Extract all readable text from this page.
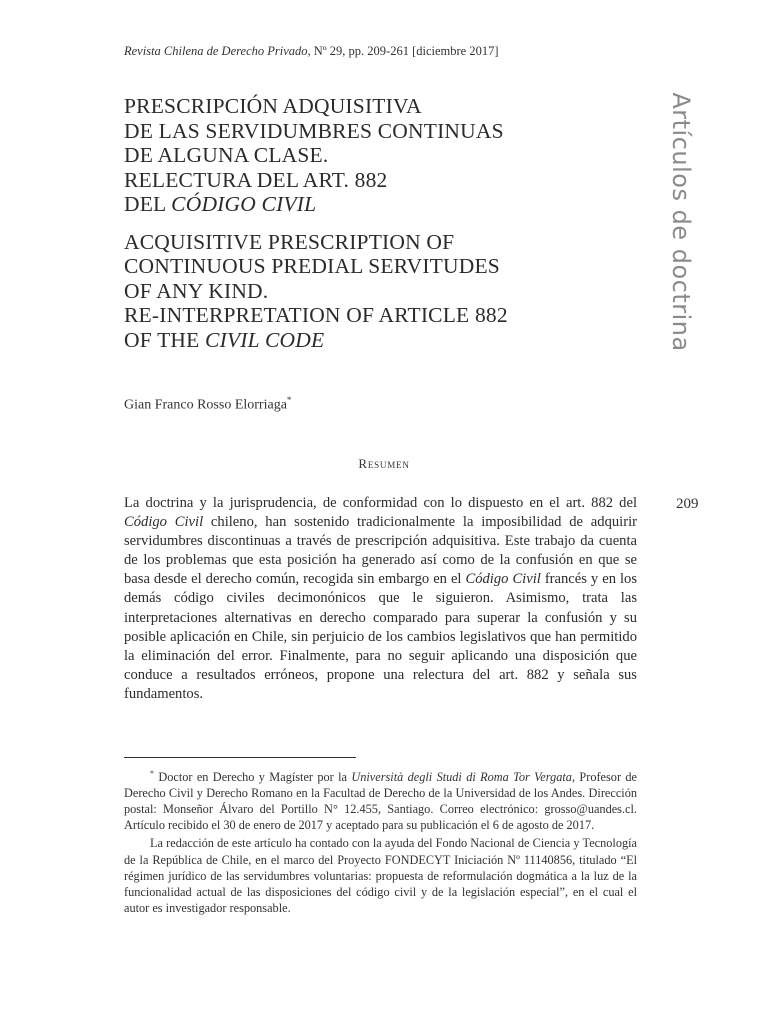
Revista Chilena de Derecho Privado, Nº 29, pp. 209-261 [diciembre 2017]
PRESCRIPCIÓN ADQUISITIVA
DE LAS SERVIDUMBRES CONTINUAS
DE ALGUNA CLASE.
RELECTURA DEL ART. 882
DEL CÓDIGO CIVIL
ACQUISITIVE PRESCRIPTION OF
CONTINUOUS PREDIAL SERVITUDES
OF ANY KIND.
RE-INTERPRETATION OF ARTICLE 882
OF THE CIVIL CODE	Artículos de doctrina
Gian Franco Rosso Elorriaga*
Resumen

La doctrina y la jurisprudencia, de conformidad con lo dispuesto en el art. 882 del Código Civil chileno, han sostenido tradicionalmente la imposibilidad de adquirir servidumbres discontinuas a través de prescripción adquisitiva. Este trabajo da cuenta de los problemas que esta posición ha generado así como de la confusión en que se basa desde el derecho común, recogida sin embargo en el Código Civil francés y en los demás código civiles decimonónicos que le siguieron. Asimismo, trata las interpretaciones alternativas en derecho comparado para superar la confusión y su posible aplicación en Chile, sin perjuicio de los cambios legislativos que han permitido la eliminación del error. Finalmente, para no seguir aplicando una disposición que conduce a resultados erróneos, propone una relectura del art. 882 y señala sus fundamentos.

209

* Doctor en Derecho y Magíster por la Università degli Studi di Roma Tor Vergata, Profesor de Derecho Civil y Derecho Romano en la Facultad de Derecho de la Universidad de los Andes. Dirección postal: Monseñor Álvaro del Portillo N° 12.455, Santiago. Correo electrónico: grosso@uandes.cl. Artículo recibido el 30 de enero de 2017 y aceptado para su publicación el 6 de agosto de 2017.

La redacción de este artículo ha contado con la ayuda del Fondo Nacional de Ciencia y Tecnología de la República de Chile, en el marco del Proyecto FONDECYT Iniciación Nº 11140856, titulado “El régimen jurídico de las servidumbres voluntarias: propuesta de reformulación dogmática a la luz de la funcionalidad actual de las disposiciones del código civil y de la legislación especial”, en el cual el autor es investigador responsable.
